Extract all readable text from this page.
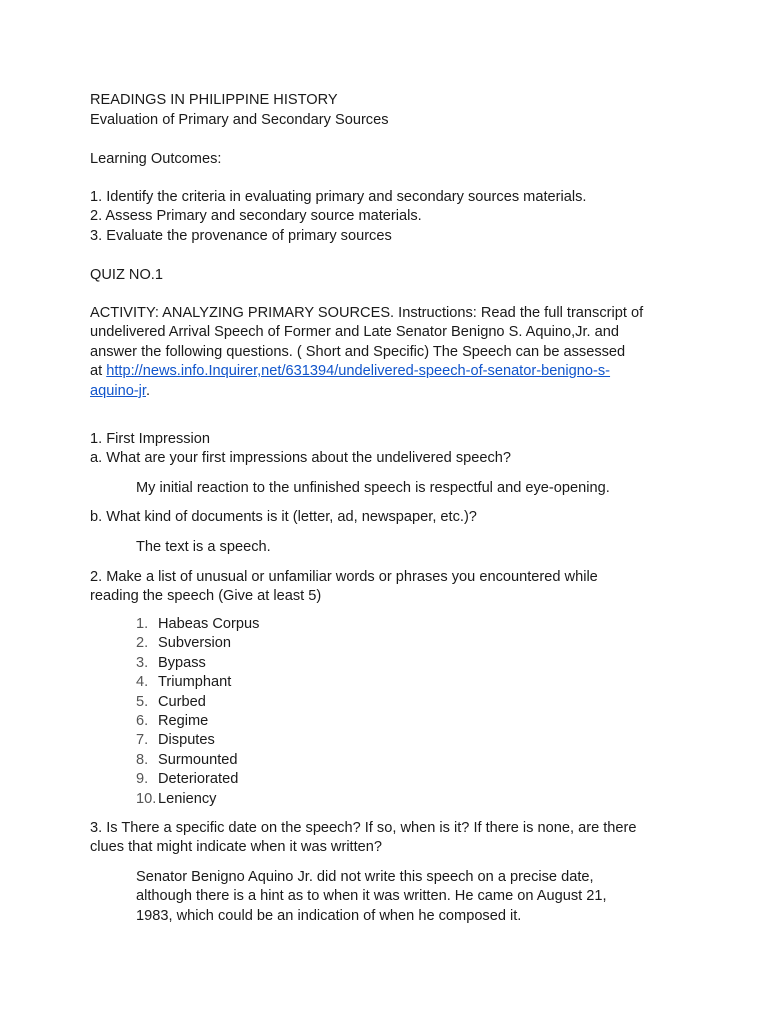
READINGS IN PHILIPPINE HISTORY

Evaluation of Primary and Secondary Sources

Learning Outcomes:

1. Identify the criteria in evaluating primary and secondary sources materials.

2. Assess Primary and secondary source materials.

3. Evaluate the provenance of primary sources

QUIZ NO.1

ACTIVITY: ANALYZING PRIMARY SOURCES. Instructions: Read the full transcript of

undelivered Arrival Speech of Former and Late Senator Benigno S. Aquino,Jr. and

answer the following questions. ( Short and Specific) The Speech can be assessed

at http://news.info.Inquirer,net/631394/undelivered-speech-of-senator-benigno-s-

aquino-jr.

1. First Impression

a. What are your first impressions about the undelivered speech?

My initial reaction to the unfinished speech is respectful and eye-opening.

b. What kind of documents is it (letter, ad, newspaper, etc.)?

The text is a speech.

2. Make a list of unusual or unfamiliar words or phrases you encountered while

reading the speech (Give at least 5)

1. Habeas Corpus
2. Subversion
3. Bypass
4. Triumphant
5. Curbed
6. Regime
7. Disputes
8. Surmounted
9. Deteriorated
10. Leniency

3. Is There a specific date on the speech? If so, when is it? If there is none, are there

clues that might indicate when it was written?

Senator Benigno Aquino Jr. did not write this speech on a precise date,

although there is a hint as to when it was written. He came on August 21,

1983, which could be an indication of when he composed it.
